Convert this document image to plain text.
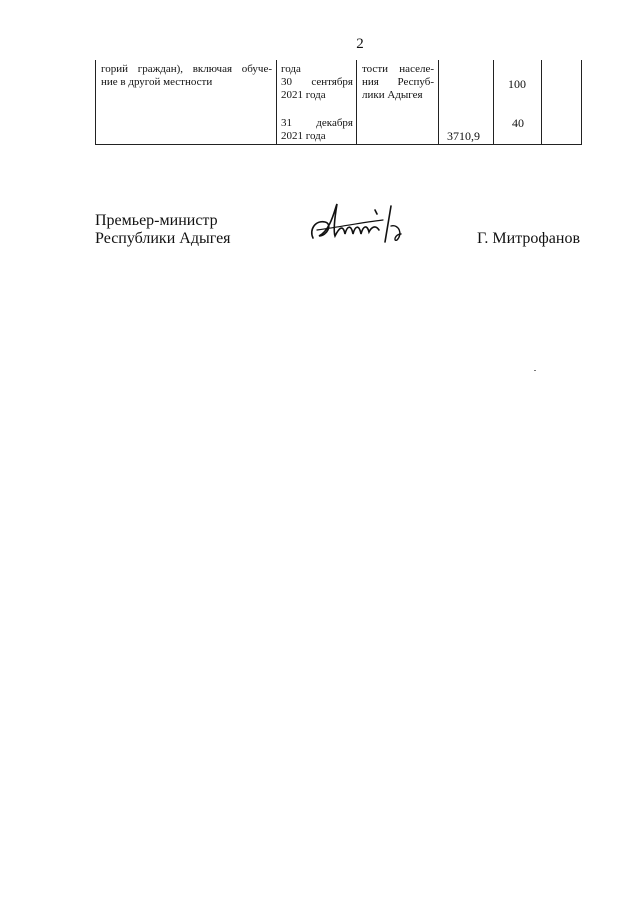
2
горий граждан), включая обуче-
ние в другой местности
года
30 сентября
2021 года
31 декабря
2021 года
тости населе-
ния Респуб-
лики Адыгея
3710,9
100
40
Премьер-министр
Республики Адыгея	Г. Митрофанов
